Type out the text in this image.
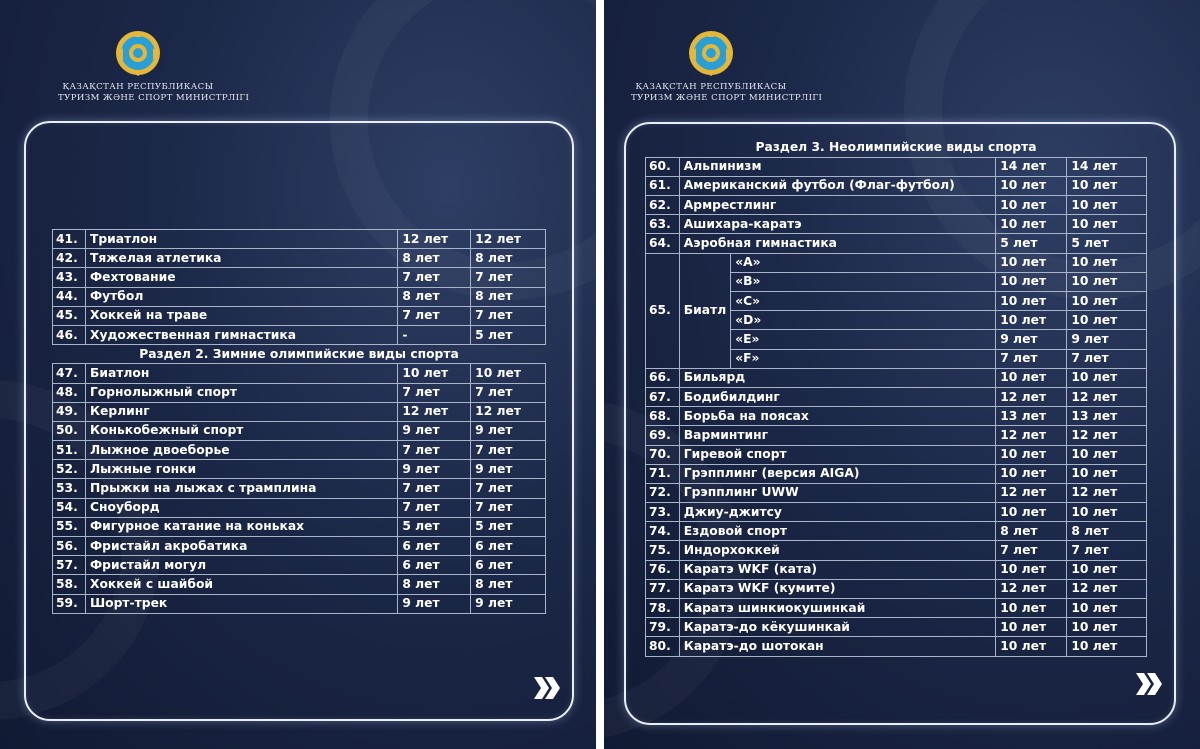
ҚАЗАҚСТАН РЕСПУБЛИКАСЫ
ТУРИЗМ ЖӘНЕ СПОРТ МИНИСТРЛІГІ
41.	Триатлон	12 лет	12 лет
42.	Тяжелая атлетика	8 лет	8 лет
43.	Фехтование	7 лет	7 лет
44.	Футбол	8 лет	8 лет
45.	Хоккей на траве	7 лет	7 лет
46.	Художественная гимнастика	-	5 лет
Раздел 2. Зимние олимпийские виды спорта			
47.	Биатлон	10 лет	10 лет
48.	Горнолыжный спорт	7 лет	7 лет
49.	Керлинг	12 лет	12 лет
50.	Конькобежный спорт	9 лет	9 лет
51.	Лыжное двоеборье	7 лет	7 лет
52.	Лыжные гонки	9 лет	9 лет
53.	Прыжки на лыжах с трамплина	7 лет	7 лет
54.	Сноуборд	7 лет	7 лет
55.	Фигурное катание на коньках	5 лет	5 лет
56.	Фристайл акробатика	6 лет	6 лет
57.	Фристайл могул	6 лет	6 лет
58.	Хоккей с шайбой	8 лет	8 лет
59.	Шорт-трек	9 лет	9 лет
ҚАЗАҚСТАН РЕСПУБЛИКАСЫ
ТУРИЗМ ЖӘНЕ СПОРТ МИНИСТРЛІГІ
Раздел 3. Неолимпийские виды спорта				
60.	Альпинизм		14 лет	14 лет
61.	Американский футбол (Флаг-футбол)		10 лет	10 лет
62.	Армрестлинг		10 лет	10 лет
63.	Ашихара-каратэ		10 лет	10 лет
64.	Аэробная гимнастика		5 лет	5 лет
65.	Биатл	«A»	10 лет	10 лет
		«B»	10 лет	10 лет
		«C»	10 лет	10 лет
		«D»	10 лет	10 лет
		«E»	9 лет	9 лет
		«F»	7 лет	7 лет
66.	Бильярд		10 лет	10 лет
67.	Бодибилдинг		12 лет	12 лет
68.	Борьба на поясах		13 лет	13 лет
69.	Варминтинг		12 лет	12 лет
70.	Гиревой спорт		10 лет	10 лет
71.	Грэпплинг (версия AIGA)		10 лет	10 лет
72.	Грэпплинг UWW		12 лет	12 лет
73.	Джиу-джитсу		10 лет	10 лет
74.	Ездовой спорт		8 лет	8 лет
75.	Индорхоккей		7 лет	7 лет
76.	Каратэ WKF (ката)		10 лет	10 лет
77.	Каратэ WKF (кумите)		12 лет	12 лет
78.	Каратэ шинкиокушинкай		10 лет	10 лет
79.	Каратэ-до кёкушинкай		10 лет	10 лет
80.	Каратэ-до шотокан		10 лет	10 лет
